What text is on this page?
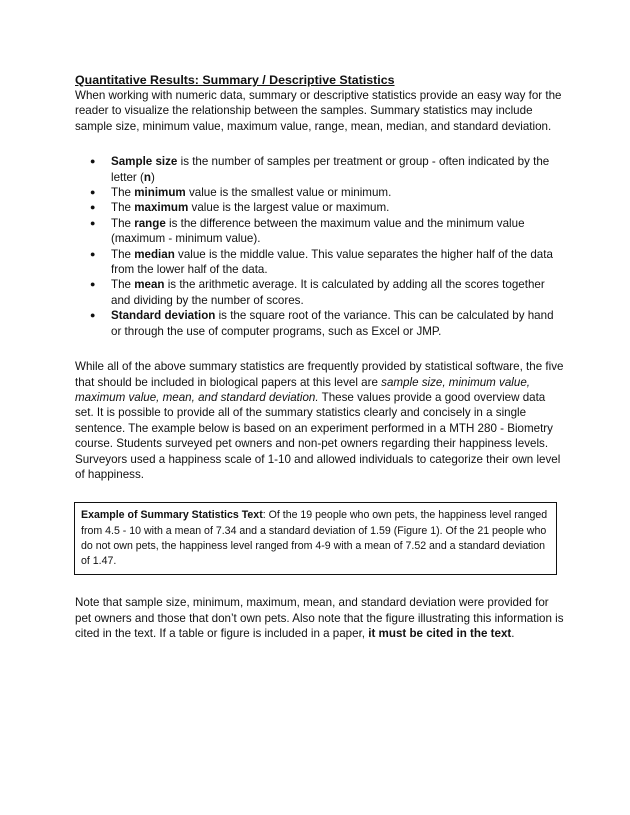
Quantitative Results: Summary / Descriptive Statistics

When working with numeric data, summary or descriptive statistics provide an easy way for the reader to visualize the relationship between the samples. Summary statistics may include sample size, minimum value, maximum value, range, mean, median, and standard deviation.

● Sample size is the number of samples per treatment or group - often indicated by the letter (n)
● The minimum value is the smallest value or minimum.
● The maximum value is the largest value or maximum.
● The range is the difference between the maximum value and the minimum value (maximum - minimum value).
● The median value is the middle value. This value separates the higher half of the data from the lower half of the data.
● The mean is the arithmetic average. It is calculated by adding all the scores together and dividing by the number of scores.
● Standard deviation is the square root of the variance. This can be calculated by hand or through the use of computer programs, such as Excel or JMP.

While all of the above summary statistics are frequently provided by statistical software, the five that should be included in biological papers at this level are sample size, minimum value, maximum value, mean, and standard deviation. These values provide a good overview data set. It is possible to provide all of the summary statistics clearly and concisely in a single sentence. The example below is based on an experiment performed in a MTH 280 - Biometry course. Students surveyed pet owners and non-pet owners regarding their happiness levels. Surveyors used a happiness scale of 1-10 and allowed individuals to categorize their own level of happiness.

Example of Summary Statistics Text: Of the 19 people who own pets, the happiness level ranged from 4.5 - 10 with a mean of 7.34 and a standard deviation of 1.59 (Figure 1). Of the 21 people who do not own pets, the happiness level ranged from 4-9 with a mean of 7.52 and a standard deviation of 1.47.

Note that sample size, minimum, maximum, mean, and standard deviation were provided for pet owners and those that don’t own pets. Also note that the figure illustrating this information is cited in the text. If a table or figure is included in a paper, it must be cited in the text.
